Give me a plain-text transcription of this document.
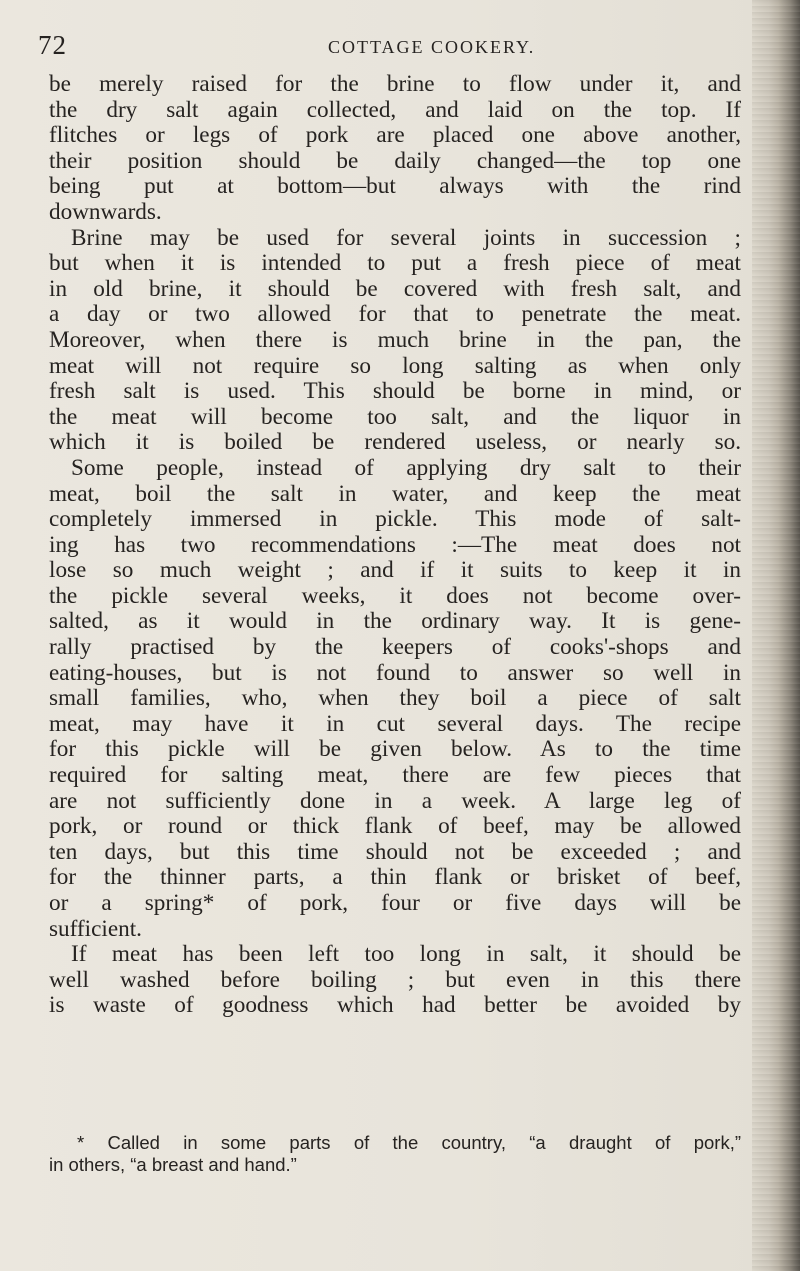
72	COTTAGE COOKERY.
be merely raised for the brine to flow under it, and
the dry salt again collected, and laid on the top. If
flitches or legs of pork are placed one above another,
their position should be daily changed—the top one
being put at bottom—but always with the rind
downwards.
Brine may be used for several joints in succession ;
but when it is intended to put a fresh piece of meat
in old brine, it should be covered with fresh salt, and
a day or two allowed for that to penetrate the meat.
Moreover, when there is much brine in the pan, the
meat will not require so long salting as when only
fresh salt is used. This should be borne in mind, or
the meat will become too salt, and the liquor in
which it is boiled be rendered useless, or nearly so.
Some people, instead of applying dry salt to their
meat, boil the salt in water, and keep the meat
completely immersed in pickle. This mode of salt-
ing has two recommendations :—The meat does not
lose so much weight ; and if it suits to keep it in
the pickle several weeks, it does not become over-
salted, as it would in the ordinary way. It is gene-
rally practised by the keepers of cooks'-shops and
eating-houses, but is not found to answer so well in
small families, who, when they boil a piece of salt
meat, may have it in cut several days. The recipe
for this pickle will be given below. As to the time
required for salting meat, there are few pieces that
are not sufficiently done in a week. A large leg of
pork, or round or thick flank of beef, may be allowed
ten days, but this time should not be exceeded ; and
for the thinner parts, a thin flank or brisket of beef,
or a spring* of pork, four or five days will be
sufficient.
If meat has been left too long in salt, it should be
well washed before boiling ; but even in this there
is waste of goodness which had better be avoided by
* Called in some parts of the country, “a draught of pork,”
in others, “a breast and hand.”
